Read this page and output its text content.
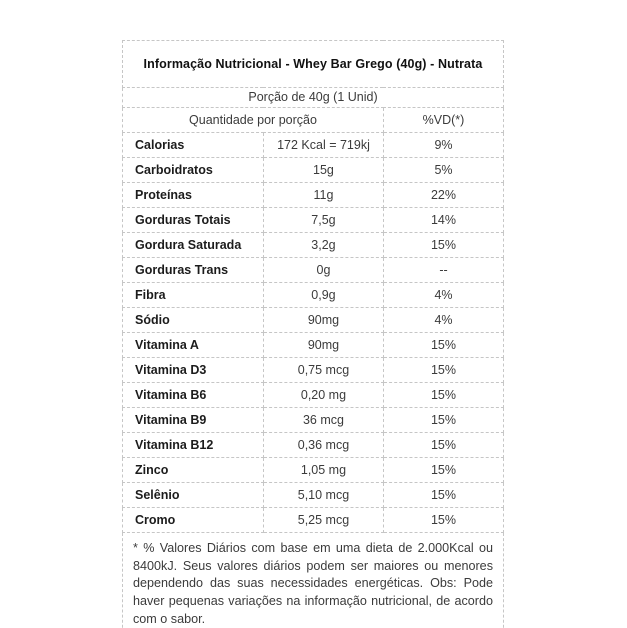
Informação Nutricional - Whey Bar Grego (40g) - Nutrata		
Porção de 40g (1 Unid)		
Quantidade por porção		%VD(*)
Calorias	172 Kcal = 719kj	9%
Carboidratos	15g	5%
Proteínas	11g	22%
Gorduras Totais	7,5g	14%
Gordura Saturada	3,2g	15%
Gorduras Trans	0g	--
Fibra	0,9g	4%
Sódio	90mg	4%
Vitamina A	90mg	15%
Vitamina D3	0,75 mcg	15%
Vitamina B6	0,20 mg	15%
Vitamina B9	36 mcg	15%
Vitamina B12	0,36 mcg	15%
Zinco	1,05 mg	15%
Selênio	5,10 mcg	15%
Cromo	5,25 mcg	15%
* % Valores Diários com base em uma dieta de 2.000Kcal ou 8400kJ. Seus valores diários podem ser maiores ou menores dependendo das suas necessidades energéticas. Obs: Pode haver pequenas variações na informação nutricional, de acordo com o sabor.		
